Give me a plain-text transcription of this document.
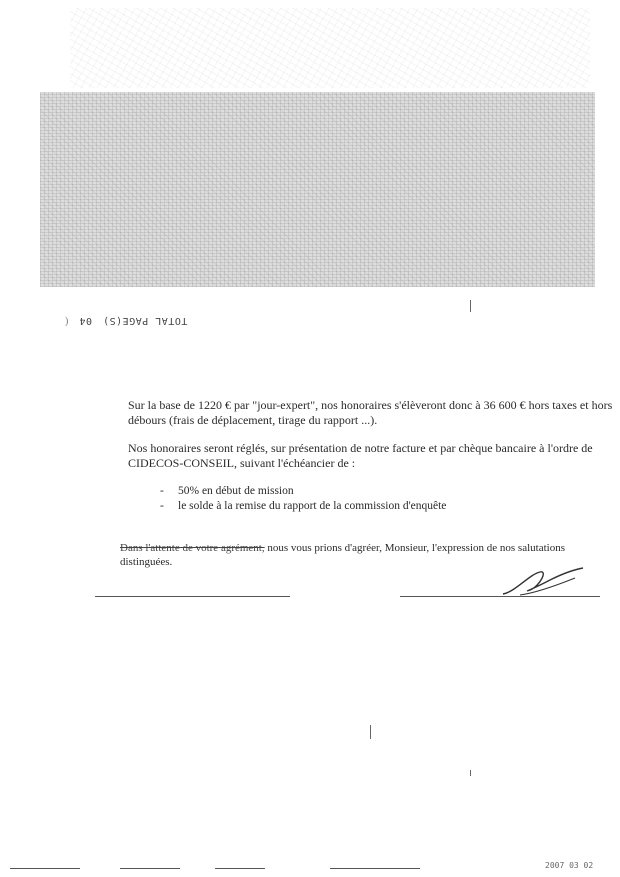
TOTAL PAGE(S) 04
)
Sur la base de 1220 € par "jour-expert", nos honoraires s'élèveront donc à 36 600 € hors taxes et hors débours (frais de déplacement, tirage du rapport ...).
Nos honoraires seront réglés, sur présentation de notre facture et par chèque bancaire à l'ordre de CIDECOS-CONSEIL, suivant l'échéancier de :
-	50% en début de mission
-	le solde à la remise du rapport de la commission d'enquête
Dans l'attente de votre agrément, nous vous prions d'agréer, Monsieur, l'expression de nos salutations distinguées.
2007 03 02
